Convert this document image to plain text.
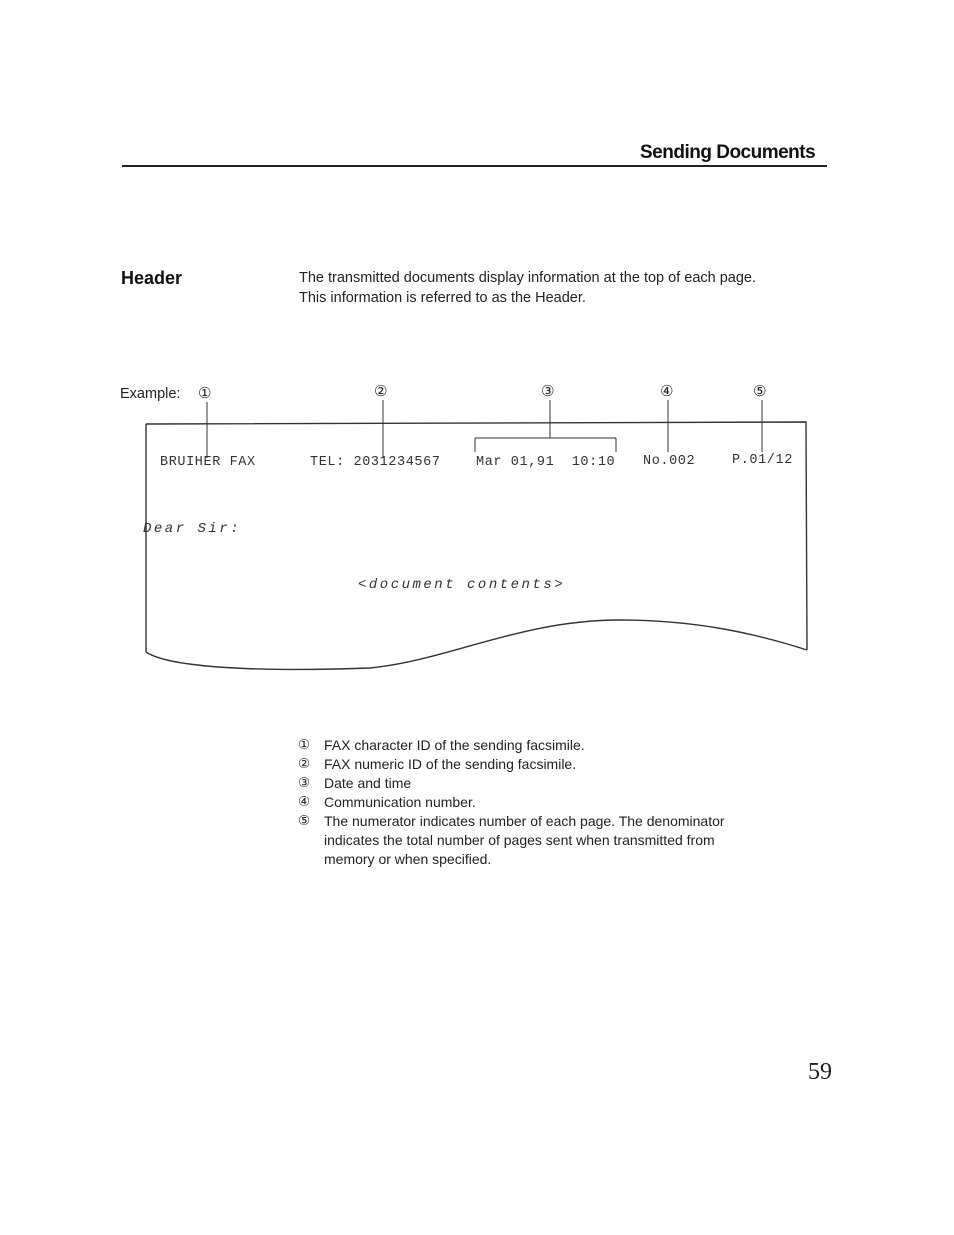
Sending Documents
Header	The transmitted documents display information at the top of each page.
This information is referred to as the Header.
Example: ①	②	③	④	⑤
BRUIHER FAX	TEL: 2031234567	Mar 01,91  10:10 No.002	P.01/12
Dear Sir:
<document contents>
① FAX character ID of the sending facsimile.
② FAX numeric ID of the sending facsimile.
③ Date and time
④ Communication number.
⑤ The numerator indicates number of each page. The denominator indicates the total number of pages sent when transmitted from memory or when specified.
59
